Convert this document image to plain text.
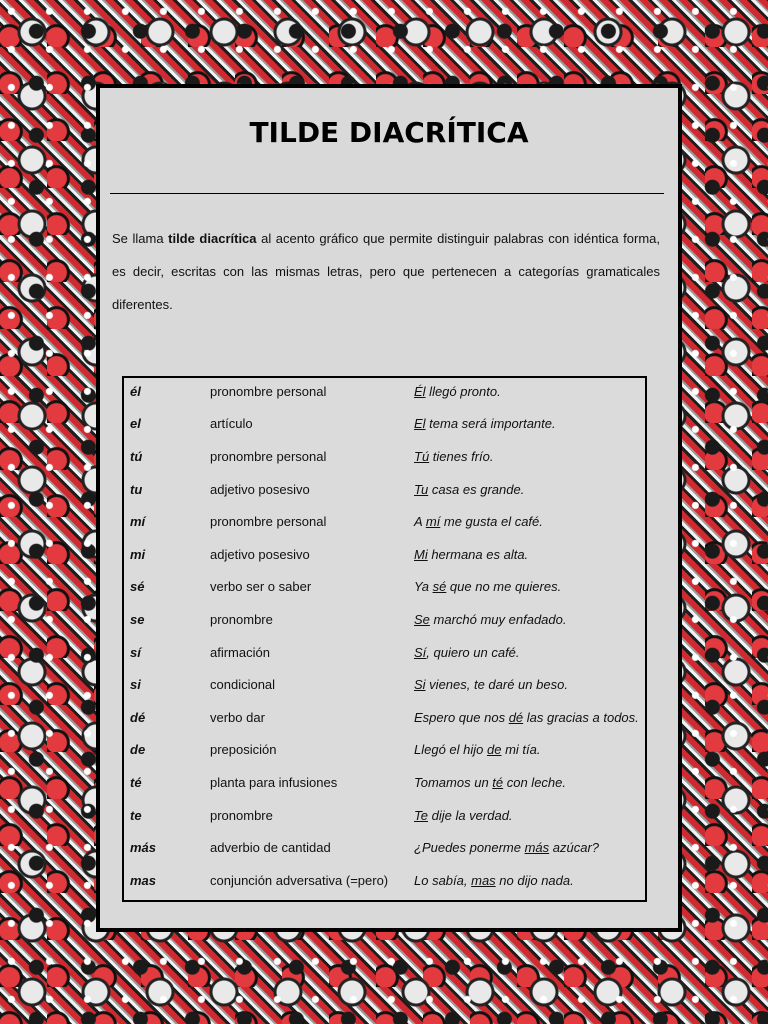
TILDE DIACRÍTICA

Se llama tilde diacrítica al acento gráfico que permite distinguir palabras con idéntica forma, es decir, escritas con las mismas letras, pero que pertenecen a categorías gramaticales diferentes.

él	pronombre personal	Él llegó pronto.
el	artículo	El tema será importante.
tú	pronombre personal	Tú tienes frío.
tu	adjetivo posesivo	Tu casa es grande.
mí	pronombre personal	A mí me gusta el café.
mi	adjetivo posesivo	Mi hermana es alta.
sé	verbo ser o saber	Ya sé que no me quieres.
se	pronombre	Se marchó muy enfadado.
sí	afirmación	Sí, quiero un café.
si	condicional	Si vienes, te daré un beso.
dé	verbo dar	Espero que nos dé las gracias a todos.
de	preposición	Llegó el hijo de mi tía.
té	planta para infusiones	Tomamos un té con leche.
te	pronombre	Te dije la verdad.
más	adverbio de cantidad	¿Puedes ponerme más azúcar?
mas	conjunción adversativa (=pero)	Lo sabía, mas no dijo nada.
